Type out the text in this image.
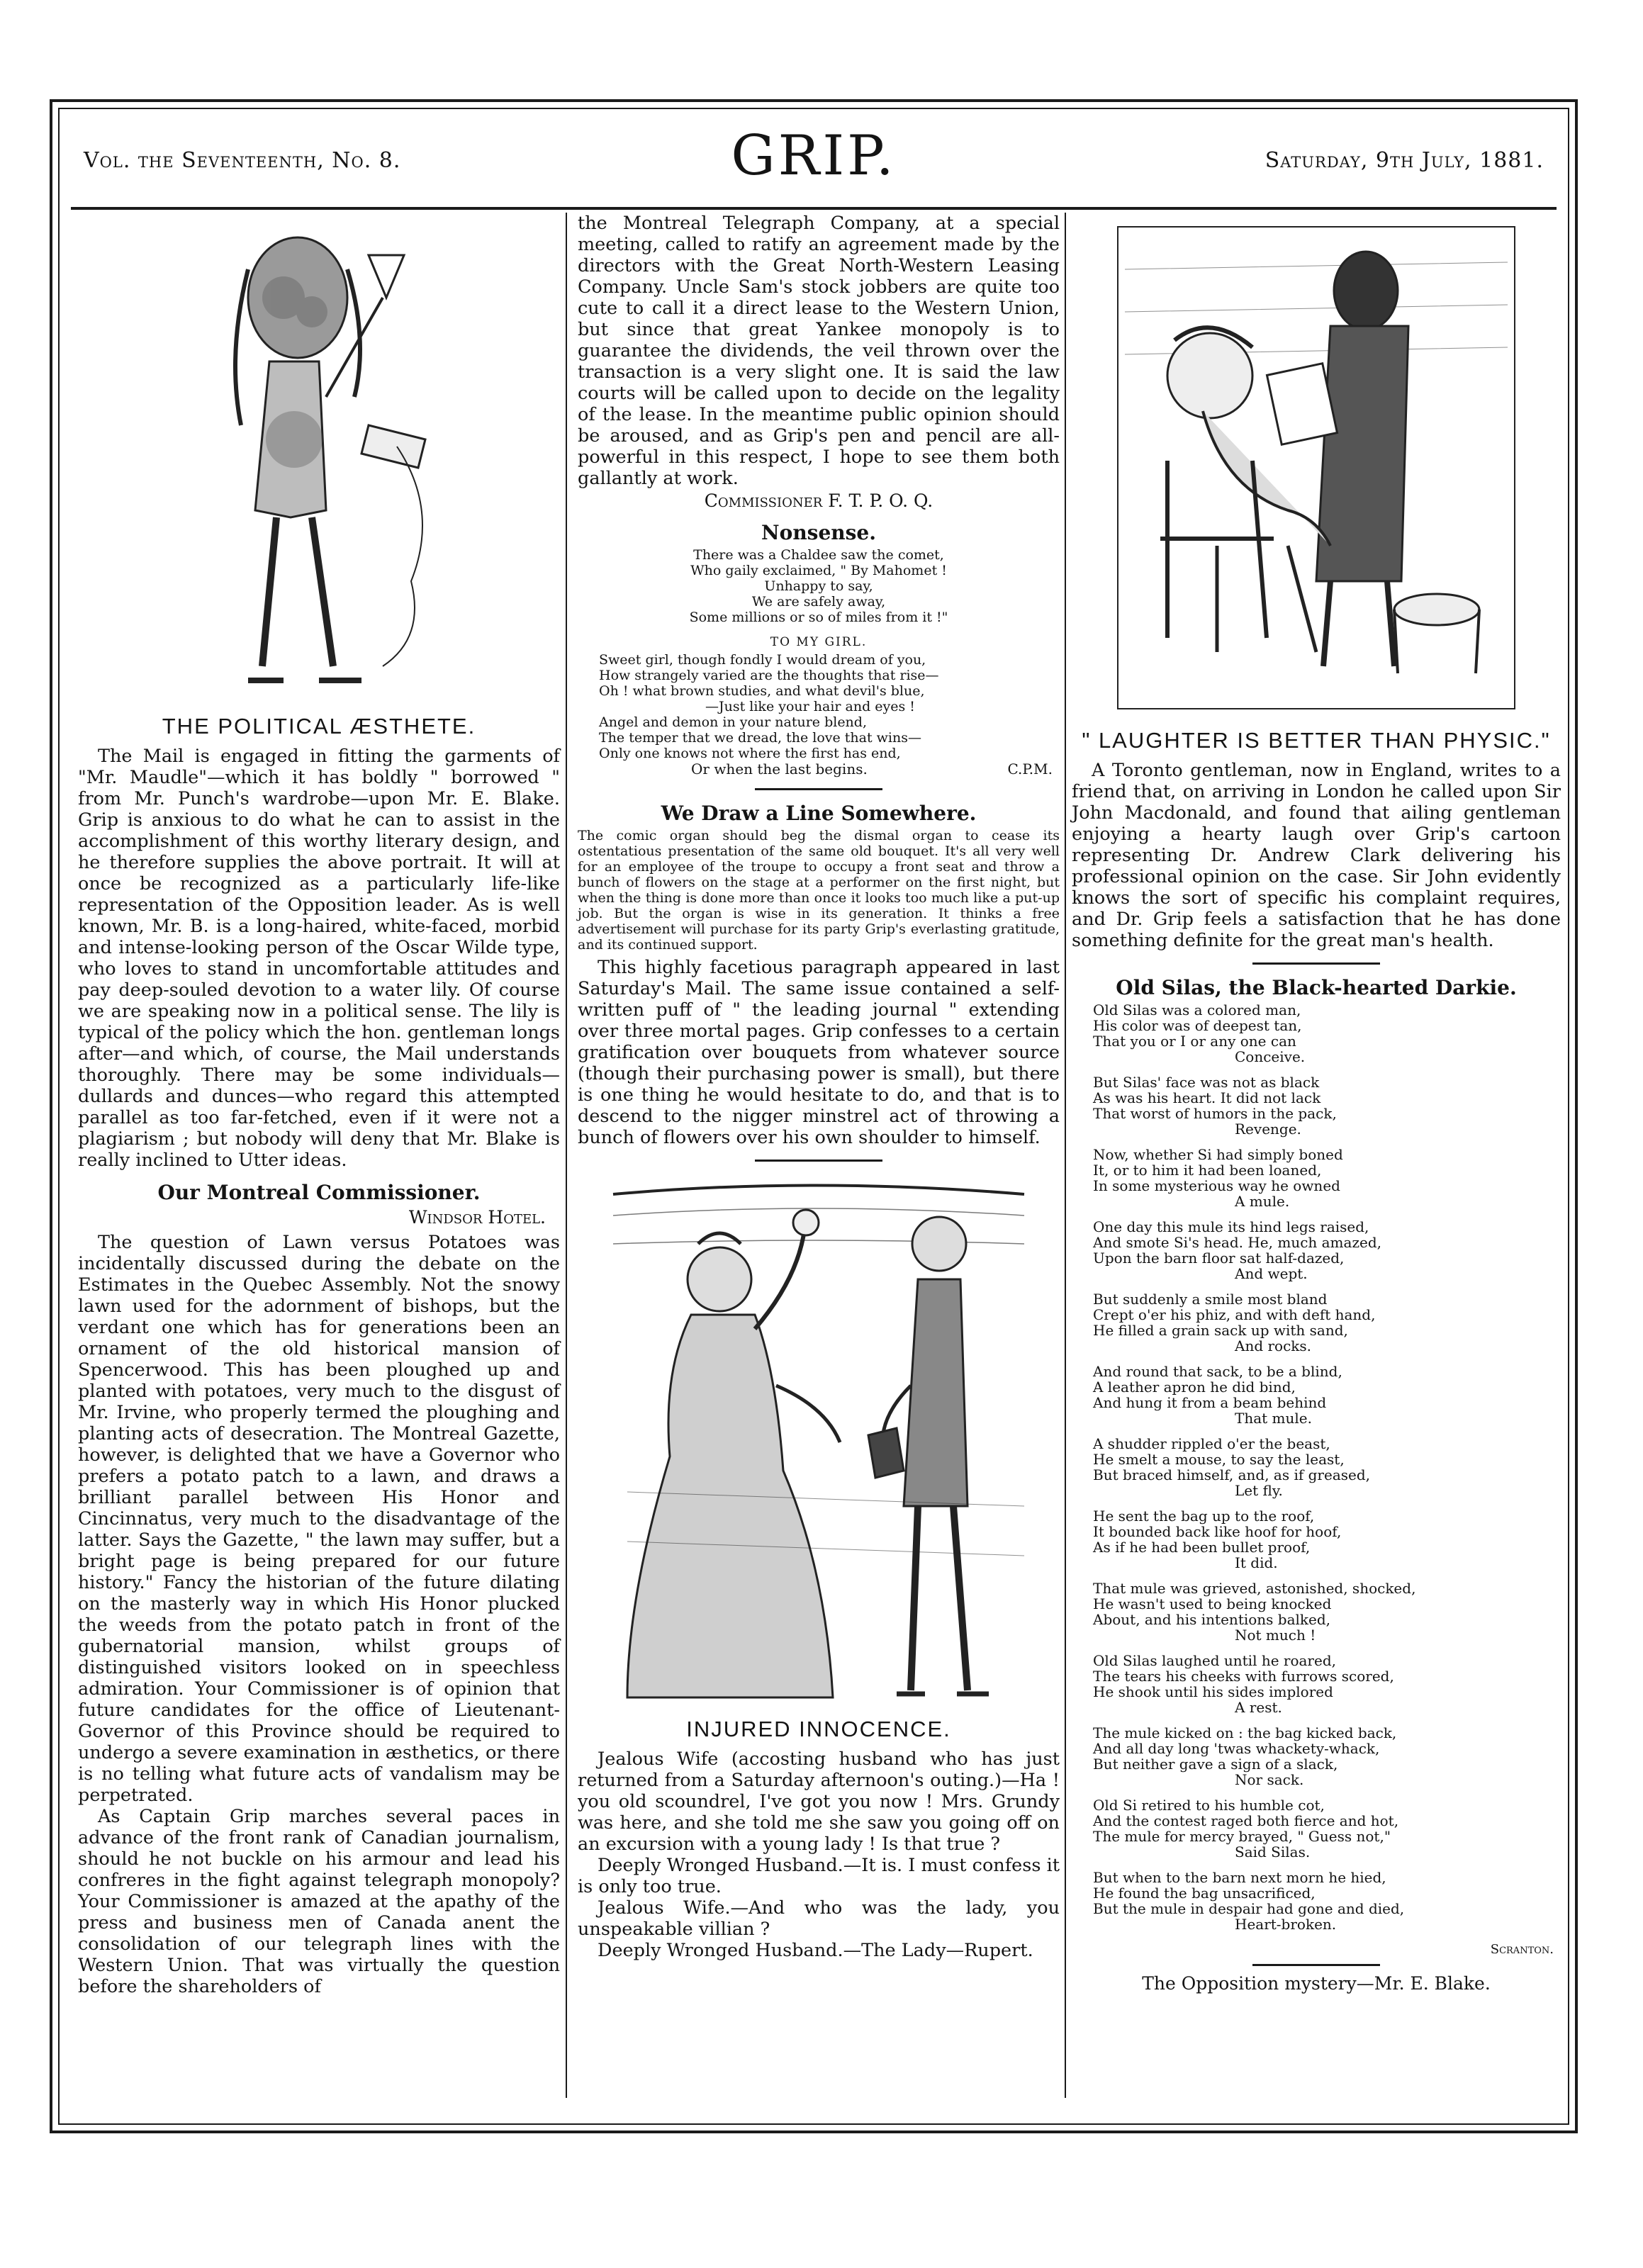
Vol. the Seventeenth, No. 8.	GRIP.	Saturday, 9th July, 1881.
THE POLITICAL ÆSTHETE.

The Mail is engaged in fitting the garments of "Mr. Maudle"—which it has boldly " borrowed " from Mr. Punch's wardrobe—upon Mr. E. Blake. Grip is anxious to do what he can to assist in the accomplishment of this worthy literary design, and he therefore supplies the above portrait. It will at once be recognized as a particularly life-like representation of the Opposition leader. As is well known, Mr. B. is a long-haired, white-faced, morbid and intense-looking person of the Oscar Wilde type, who loves to stand in uncomfortable attitudes and pay deep-souled devotion to a water lily. Of course we are speaking now in a political sense. The lily is typical of the policy which the hon. gentleman longs after—and which, of course, the Mail understands thoroughly. There may be some individuals—dullards and dunces—who regard this attempted parallel as too far-fetched, even if it were not a plagiarism ; but nobody will deny that Mr. Blake is really inclined to Utter ideas.

Our Montreal Commissioner.
Windsor Hotel.

The question of Lawn versus Potatoes was incidentally discussed during the debate on the Estimates in the Quebec Assembly. Not the snowy lawn used for the adornment of bishops, but the verdant one which has for generations been an ornament of the old historical mansion of Spencerwood. This has been ploughed up and planted with potatoes, very much to the disgust of Mr. Irvine, who properly termed the ploughing and planting acts of desecration. The Montreal Gazette, however, is delighted that we have a Governor who prefers a potato patch to a lawn, and draws a brilliant parallel between His Honor and Cincinnatus, very much to the disadvantage of the latter. Says the Gazette, " the lawn may suffer, but a bright page is being prepared for our future history." Fancy the historian of the future dilating on the masterly way in which His Honor plucked the weeds from the potato patch in front of the gubernatorial mansion, whilst groups of distinguished visitors looked on in speechless admiration. Your Commissioner is of opinion that future candidates for the office of Lieutenant-Governor of this Province should be required to undergo a severe examination in æsthetics, or there is no telling what future acts of vandalism may be perpetrated.

As Captain Grip marches several paces in advance of the front rank of Canadian journalism, should he not buckle on his armour and lead his confreres in the fight against telegraph monopoly? Your Commissioner is amazed at the apathy of the press and business men of Canada anent the consolidation of our telegraph lines with the Western Union. That was virtually the question before the shareholders of

the Montreal Telegraph Company, at a special meeting, called to ratify an agreement made by the directors with the Great North-Western Leasing Company. Uncle Sam's stock jobbers are quite too cute to call it a direct lease to the Western Union, but since that great Yankee monopoly is to guarantee the dividends, the veil thrown over the transaction is a very slight one. It is said the law courts will be called upon to decide on the legality of the lease. In the meantime public opinion should be aroused, and as Grip's pen and pencil are all-powerful in this respect, I hope to see them both gallantly at work.

Commissioner F. T. P. O. Q.
Nonsense.
There was a Chaldee saw the comet,
Who gaily exclaimed, " By Mahomet !
Unhappy to say,
We are safely away,
Some millions or so of miles from it !"
TO MY GIRL.
Sweet girl, though fondly I would dream of you,
How strangely varied are the thoughts that rise—
Oh ! what brown studies, and what devil's blue,
—Just like your hair and eyes !
Angel and demon in your nature blend,
The temper that we dread, the love that wins—
Only one knows not where the first has end,
Or when the last begins.	C.P.M.
We Draw a Line Somewhere.

The comic organ should beg the dismal organ to cease its ostentatious presentation of the same old bouquet. It's all very well for an employee of the troupe to occupy a front seat and throw a bunch of flowers on the stage at a performer on the first night, but when the thing is done more than once it looks too much like a put-up job. But the organ is wise in its generation. It thinks a free advertisement will purchase for its party Grip's everlasting gratitude, and its continued support.

This highly facetious paragraph appeared in last Saturday's Mail. The same issue contained a self-written puff of " the leading journal " extending over three mortal pages. Grip confesses to a certain gratification over bouquets from whatever source (though their purchasing power is small), but there is one thing he would hesitate to do, and that is to descend to the nigger minstrel act of throwing a bunch of flowers over his own shoulder to himself.

INJURED INNOCENCE.

Jealous Wife (accosting husband who has just returned from a Saturday afternoon's outing.)—Ha ! you old scoundrel, I've got you now ! Mrs. Grundy was here, and she told me she saw you going off on an excursion with a young lady ! Is that true ?

Deeply Wronged Husband.—It is. I must confess it is only too true.

Jealous Wife.—And who was the lady, you unspeakable villian ?

Deeply Wronged Husband.—The Lady—Rupert.

" LAUGHTER IS BETTER THAN PHYSIC."

A Toronto gentleman, now in England, writes to a friend that, on arriving in London he called upon Sir John Macdonald, and found that ailing gentleman enjoying a hearty laugh over Grip's cartoon representing Dr. Andrew Clark delivering his professional opinion on the case. Sir John evidently knows the sort of specific his complaint requires, and Dr. Grip feels a satisfaction that he has done something definite for the great man's health.

Old Silas, the Black-hearted Darkie.
Old Silas was a colored man,
His color was of deepest tan,
That you or I or any one can
Conceive.
But Silas' face was not as black
As was his heart. It did not lack
That worst of humors in the pack,
Revenge.
Now, whether Si had simply boned
It, or to him it had been loaned,
In some mysterious way he owned
A mule.
One day this mule its hind legs raised,
And smote Si's head. He, much amazed,
Upon the barn floor sat half-dazed,
And wept.
But suddenly a smile most bland
Crept o'er his phiz, and with deft hand,
He filled a grain sack up with sand,
And rocks.
And round that sack, to be a blind,
A leather apron he did bind,
And hung it from a beam behind
That mule.
A shudder rippled o'er the beast,
He smelt a mouse, to say the least,
But braced himself, and, as if greased,
Let fly.
He sent the bag up to the roof,
It bounded back like hoof for hoof,
As if he had been bullet proof,
It did.
That mule was grieved, astonished, shocked,
He wasn't used to being knocked
About, and his intentions balked,
Not much !
Old Silas laughed until he roared,
The tears his cheeks with furrows scored,
He shook until his sides implored
A rest.
The mule kicked on : the bag kicked back,
And all day long 'twas whackety-whack,
But neither gave a sign of a slack,
Nor sack.
Old Si retired to his humble cot,
And the contest raged both fierce and hot,
The mule for mercy brayed, " Guess not,"
Said Silas.
But when to the barn next morn he hied,
He found the bag unsacrificed,
But the mule in despair had gone and died,
Heart-broken.
Scranton.
The Opposition mystery—Mr. E. Blake.
